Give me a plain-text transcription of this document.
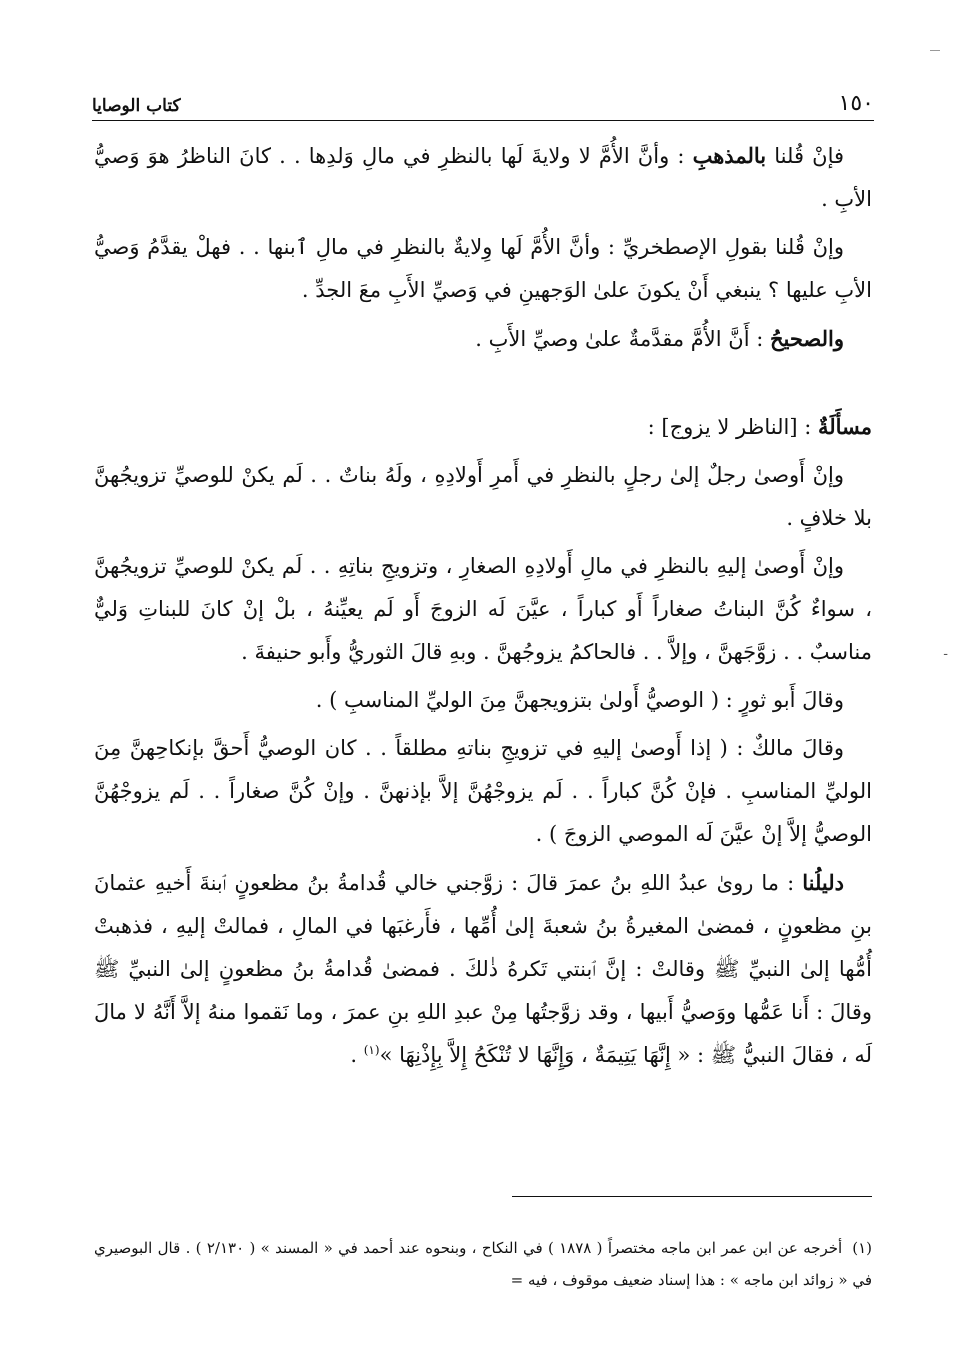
١٥٠
كتاب الوصايا

فإنْ قُلنا بالمذهبِ : وأنَّ الأُمَّ لا ولايةَ لَها بالنظرِ في مالِ وَلدِها . . كانَ الناظرُ هوَ وَصيُّ الأبِ .

وإنْ قُلنا بقولِ الإصطخريِّ : وأنَّ الأُمَّ لَها وِلايةٌ بالنظرِ في مالِ ٱبنها . . فهلْ يقدَّمُ وَصيُّ الأبِ عليها ؟ ينبغي أَنْ يكونَ علىٰ الوَجهينِ في وَصيِّ الأَبِ معَ الجدِّ .

والصحيحُ : أَنَّ الأُمَّ مقدَّمةٌ علىٰ وصيِّ الأَبِ .

مسأَلَةٌ : [الناظر لا يزوج] :

وإنْ أَوصىٰ رجلٌ إلىٰ رجلٍ بالنظرِ في أَمرِ أَولادِهِ ، ولَهُ بناتٌ . . لَم يكنْ للوصيِّ تزويجُهنَّ بلا خلافٍ .

وإنْ أَوصىٰ إليهِ بالنظرِ في مالِ أَولادِهِ الصغارِ ، وتزويجِ بناتِهِ . . لَم يكنْ للوصيِّ تزويجُهنَّ ، سواءٌ كُنَّ البناتُ صغاراً أَو كباراً ، عيَّنَ لَه الزوجَ أَو لَم يعيِّنهُ ، بلْ إنْ كانَ للبناتِ وَليٌّ مناسبٌ . . زوَّجَهنَّ ، وإلاَّ . . فالحاكمُ يزوجُهنَّ . وبهِ قالَ الثوريُّ وأَبو حنيفةَ .

وقالَ أَبو ثورٍ : ( الوصيُّ أَولىٰ بتزويجهنَّ مِنَ الوليِّ المناسبِ ) .

وقالَ مالكٌ : ( إذا أَوصىٰ إليهِ في تزويجِ بناتهِ مطلقاً . . كان الوصيُّ أَحقَّ بإنكاحِهنَّ مِنَ الوليِّ المناسبِ . فإنْ كُنَّ كباراً . . لَم يزوجْهُنَّ إلاَّ بإذنهنَّ . وإنْ كُنَّ صغاراً . . لَم يزوجْهُنَّ الوصيُّ إلاَّ إنْ عيَّنَ لَه الموصي الزوجَ ) .

دليلُنا : ما روىٰ عبدُ اللهِ بنُ عمرَ قالَ : زوَّجني خالي قُدامةُ بنُ مظعونٍ ٱبنةَ أَخيهِ عثمانَ بنِ مظعونٍ ، فمضىٰ المغيرةُ بنُ شعبةَ إلىٰ أُمِّها ، فأَرغبَها في المالِ ، فمالتْ إليهِ ، فذهبتْ أُمُّها إلىٰ النبيِّ ﷺ وقالتْ : إنَّ ٱبنتي تَكرهُ ذٰلكَ . فمضىٰ قُدامةُ بنُ مظعونٍ إلىٰ النبيِّ ﷺ وقالَ : أَنا عَمُّها ووَصيُّ أَبيها ، وقد زوَّجتُها مِنْ عبدِ اللهِ بنِ عمرَ ، وما نَقموا منهُ إلاَّ أَنَّهُ لا مالَ لَه ، فقالَ النبيُّ ﷺ : « إِنَّهَا يَتِيمَةٌ ، وَإِنَّهَا لا تُنْكَحُ إِلاَّ بِإِذْنِهَا »$^{(١)}$ .

-
(١)أخرجه عن ابن عمر ابن ماجه مختصراً ( ١٨٧٨ ) في النكاح ، وبنحوه عند أحمد في « المسند » ( ٢/١٣٠ ) . قال البوصيري في « زوائد ابن ماجه » : هذا إسناد ضعيف موقوف ، فيه =
